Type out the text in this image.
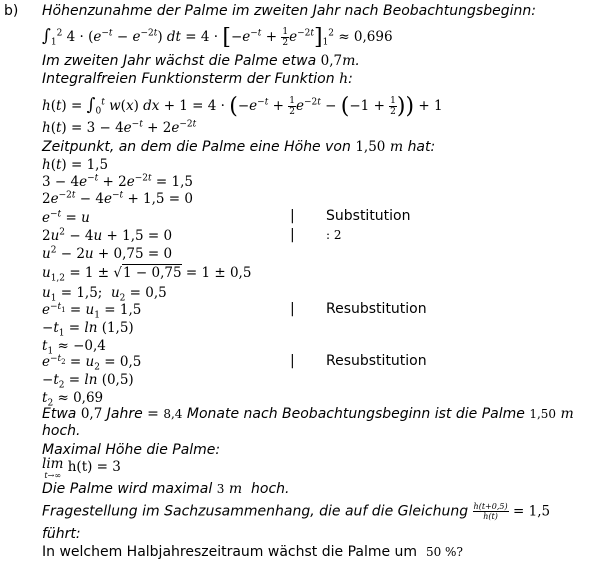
b) Höhenzunahme der Palme im zweiten Jahr nach Beobachtungsbeginn:
$\int_1^2$ $4 \cdot (e^{-t} - e^{-2t})$ dt = $4 \cdot [-e^{-t} + \frac{1}{2} e^{-2t}]_1^2 \approx 0,696$
Im zweiten Jahr wächst die Palme etwa 0,7m.
Integralfreien Funktionsterm der Funktion h:
$h(t) = \int_0^t$ w(x) dx + $1 = 4 \cdot (-e^{-t} + \frac{1}{2} e^{-2t} - (-1 + \frac{1}{2}$ )) + 1
$h(t) = 3 - 4e^{-t} + 2e^{-2t}$
Zeitpunkt, an dem die Palme eine Höhe von 1,50 m hat:
h(t) = 1,5
$3 - 4e^{-t} + 2e^{-2t} = 1,5$
$2e^{-2t} - 4e^{-t} + 1,5 = 0$
$e^{-t} = u$	| Substitution
$2u^2 - 4u + 1,5 = 0$	|	: 2
$u^2 - 2u + 0,75 = 0$
$u_{1,2} = 1 \pm √1 - 0,75 = 1 \pm 0,5$
$u_1 = 1,5$;  $u_2 = 0,5$
$e^{-t_1} = u_1 = 1,5$	| Resubstitution
$-t_1 = \ln (1,5)$
$t_1 \approx -0,4$
$e^{-t_2} = u_2 = 0,5$	| Resubstitution
$-t_2 = \ln (0,5)$
$t_2 \approx 0,69$
Etwa 0,7 Jahre = 8,4 Monate nach Beobachtungsbeginn ist die Palme 1,50 m
hoch.
Maximal Höhe die Palme:
lim
t→∞
h(t) = 3
Die Palme wird maximal 3 m hoch.
Fragestellung im Sachzusammenhang, die auf die Gleichung $\frac{h(t+0,5)}{h(t)} = 1,5$
führt:
In welchem Halbjahreszeitraum wächst die Palme um 50 %?
